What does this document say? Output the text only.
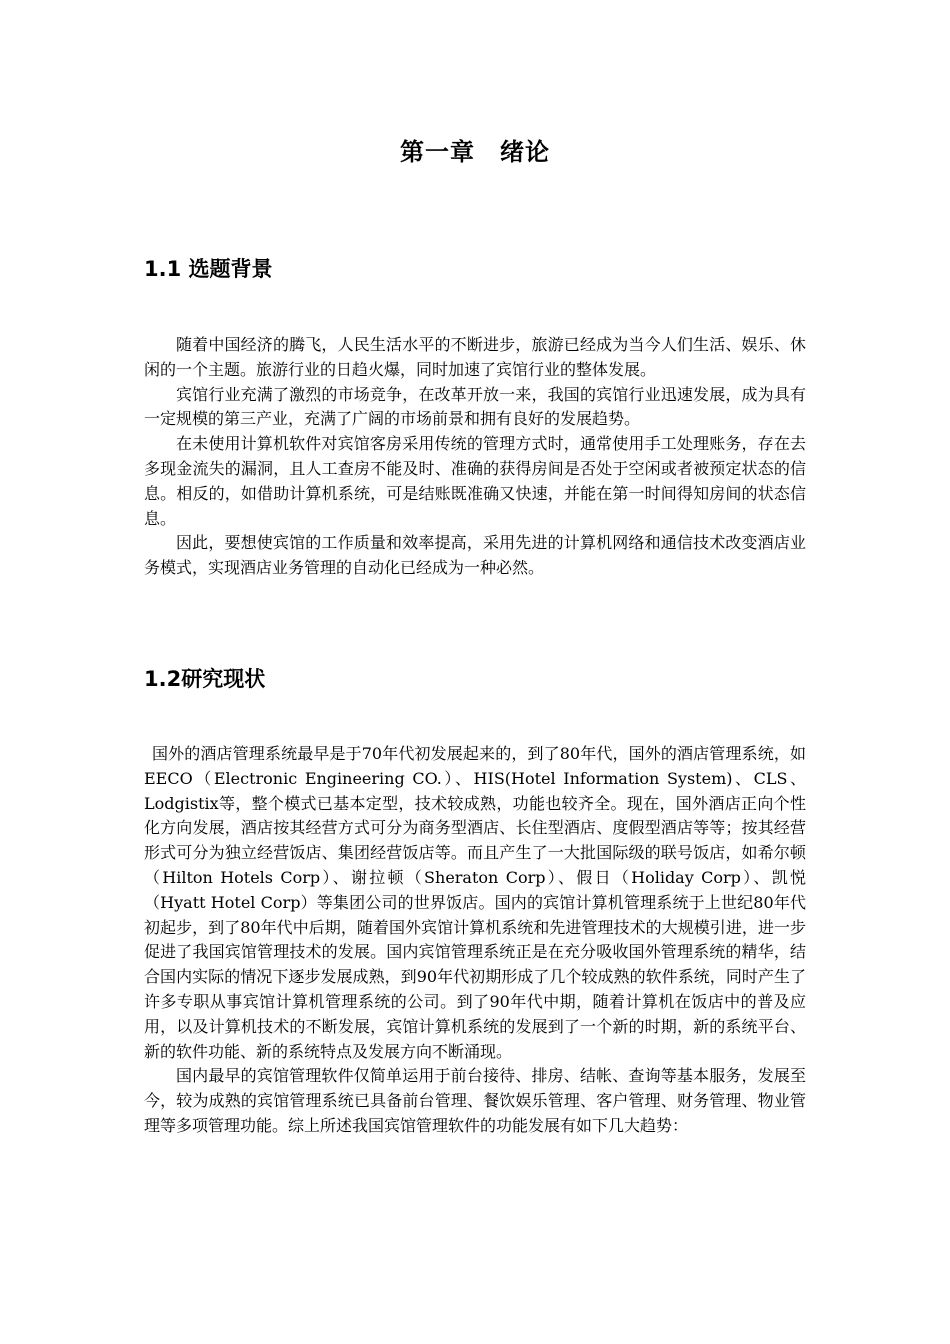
第一章　绪论
1.1 选题背景

随着中国经济的腾飞，人民生活水平的不断进步，旅游已经成为当今人们生活、娱乐、休闲的一个主题。旅游行业的日趋火爆，同时加速了宾馆行业的整体发展。

宾馆行业充满了激烈的市场竞争，在改革开放一来，我国的宾馆行业迅速发展，成为具有一定规模的第三产业，充满了广阔的市场前景和拥有良好的发展趋势。

在未使用计算机软件对宾馆客房采用传统的管理方式时，通常使用手工处理账务，存在去多现金流失的漏洞，且人工查房不能及时、准确的获得房间是否处于空闲或者被预定状态的信息。相反的，如借助计算机系统，可是结账既准确又快速，并能在第一时间得知房间的状态信息。

因此，要想使宾馆的工作质量和效率提高，采用先进的计算机网络和通信技术改变酒店业务模式，实现酒店业务管理的自动化已经成为一种必然。

1.2研究现状

国外的酒店管理系统最早是于70年代初发展起来的，到了80年代，国外的酒店管理系统，如EECO（Electronic Engineering CO.）、HIS(Hotel Information System)、CLS、Lodgistix等，整个模式已基本定型，技术较成熟，功能也较齐全。现在，国外酒店正向个性化方向发展，酒店按其经营方式可分为商务型酒店、长住型酒店、度假型酒店等等；按其经营形式可分为独立经营饭店、集团经营饭店等。而且产生了一大批国际级的联号饭店，如希尔顿（Hilton Hotels Corp）、谢拉顿（Sheraton Corp）、假日（Holiday Corp）、凯悦（Hyatt Hotel Corp）等集团公司的世界饭店。国内的宾馆计算机管理系统于上世纪80年代初起步，到了80年代中后期，随着国外宾馆计算机系统和先进管理技术的大规模引进，进一步促进了我国宾馆管理技术的发展。国内宾馆管理系统正是在充分吸收国外管理系统的精华，结合国内实际的情况下逐步发展成熟，到90年代初期形成了几个较成熟的软件系统，同时产生了许多专职从事宾馆计算机管理系统的公司。到了90年代中期，随着计算机在饭店中的普及应用，以及计算机技术的不断发展，宾馆计算机系统的发展到了一个新的时期，新的系统平台、新的软件功能、新的系统特点及发展方向不断涌现。

国内最早的宾馆管理软件仅简单运用于前台接待、排房、结帐、查询等基本服务，发展至今，较为成熟的宾馆管理系统已具备前台管理、餐饮娱乐管理、客户管理、财务管理、物业管理等多项管理功能。综上所述我国宾馆管理软件的功能发展有如下几大趋势：
